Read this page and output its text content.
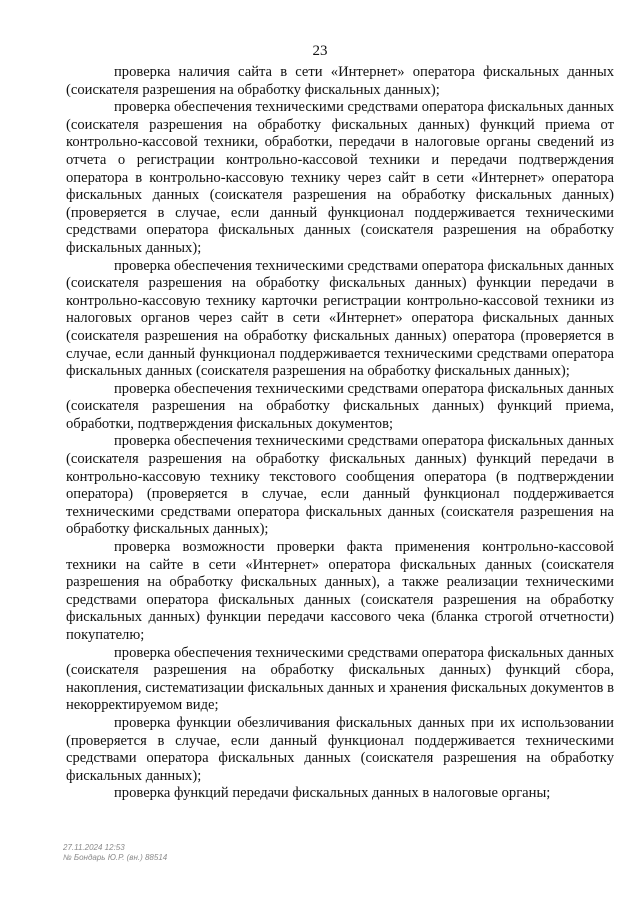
23

проверка наличия сайта в сети «Интернет» оператора фискальных данных (соискателя разрешения на обработку фискальных данных);

проверка обеспечения техническими средствами оператора фискальных данных (соискателя разрешения на обработку фискальных данных) функций приема от контрольно-кассовой техники, обработки, передачи в налоговые органы сведений из отчета о регистрации контрольно-кассовой техники и передачи подтверждения оператора в контрольно-кассовую технику через сайт в сети «Интернет» оператора фискальных данных (соискателя разрешения на обработку фискальных данных) (проверяется в случае, если данный функционал поддерживается техническими средствами оператора фискальных данных (соискателя разрешения на обработку фискальных данных);

проверка обеспечения техническими средствами оператора фискальных данных (соискателя разрешения на обработку фискальных данных) функции передачи в контрольно-кассовую технику карточки регистрации контрольно-кассовой техники из налоговых органов через сайт в сети «Интернет» оператора фискальных данных (соискателя разрешения на обработку фискальных данных) оператора (проверяется в случае, если данный функционал поддерживается техническими средствами оператора фискальных данных (соискателя разрешения на обработку фискальных данных);

проверка обеспечения техническими средствами оператора фискальных данных (соискателя разрешения на обработку фискальных данных) функций приема, обработки, подтверждения фискальных документов;

проверка обеспечения техническими средствами оператора фискальных данных (соискателя разрешения на обработку фискальных данных) функций передачи в контрольно-кассовую технику текстового сообщения оператора (в подтверждении оператора) (проверяется в случае, если данный функционал поддерживается техническими средствами оператора фискальных данных (соискателя разрешения на обработку фискальных данных);

проверка возможности проверки факта применения контрольно-кассовой техники на сайте в сети «Интернет» оператора фискальных данных (соискателя разрешения на обработку фискальных данных), а также реализации техническими средствами оператора фискальных данных (соискателя разрешения на обработку фискальных данных) функции передачи кассового чека (бланка строгой отчетности) покупателю;

проверка обеспечения техническими средствами оператора фискальных данных (соискателя разрешения на обработку фискальных данных) функций сбора, накопления, систематизации фискальных данных и хранения фискальных документов в некорректируемом виде;

проверка функции обезличивания фискальных данных при их использовании (проверяется в случае, если данный функционал поддерживается техническими средствами оператора фискальных данных (соискателя разрешения на обработку фискальных данных);

проверка функций передачи фискальных данных в налоговые органы;

27.11.2024 12:53
№ Бондарь Ю.Р. (вн.) 88514
